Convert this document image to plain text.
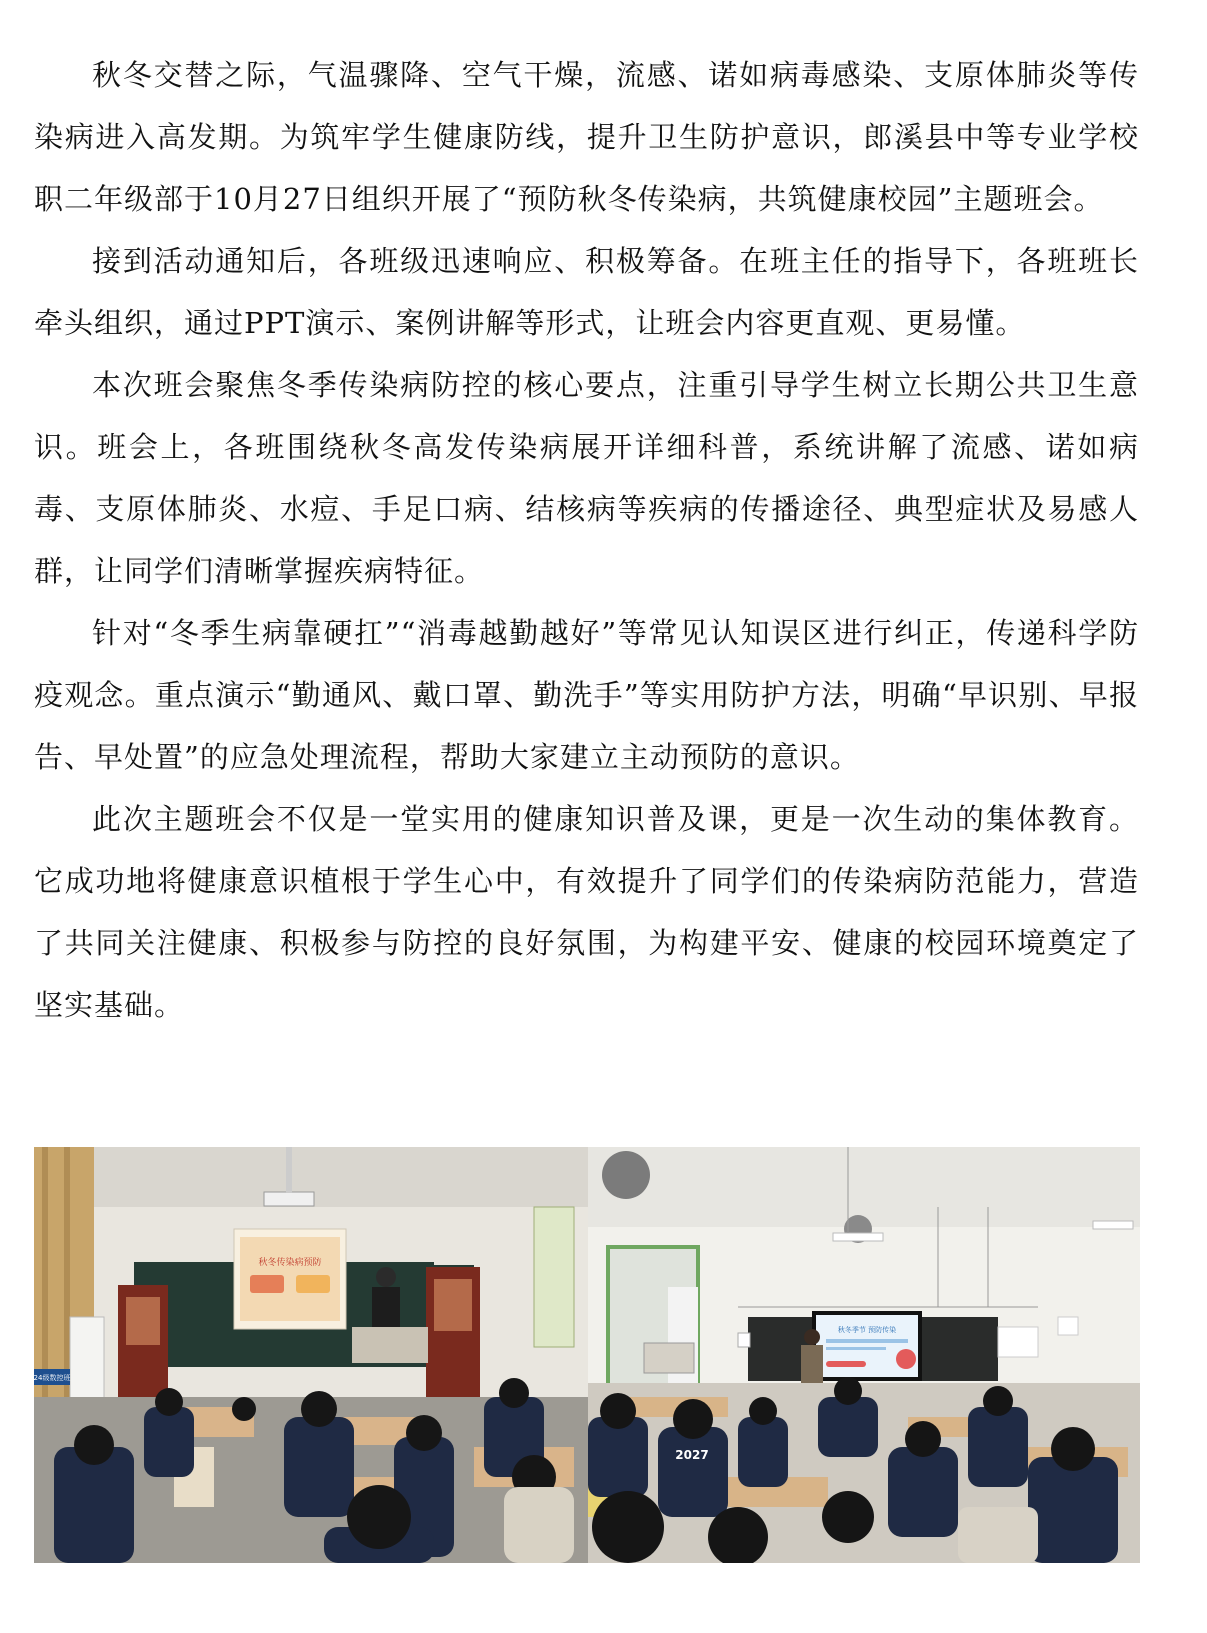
秋冬交替之际，气温骤降、空气干燥，流感、诺如病毒感染、支原体肺炎等传染病进入高发期。为筑牢学生健康防线，提升卫生防护意识，郎溪县中等专业学校职二年级部于10月27日组织开展了“预防秋冬传染病，共筑健康校园”主题班会。

接到活动通知后，各班级迅速响应、积极筹备。在班主任的指导下，各班班长牵头组织，通过PPT演示、案例讲解等形式，让班会内容更直观、更易懂。

本次班会聚焦冬季传染病防控的核心要点，注重引导学生树立长期公共卫生意识。班会上，各班围绕秋冬高发传染病展开详细科普，系统讲解了流感、诺如病毒、支原体肺炎、水痘、手足口病、结核病等疾病的传播途径、典型症状及易感人群，让同学们清晰掌握疾病特征。

针对“冬季生病靠硬扛”“消毒越勤越好”等常见认知误区进行纠正，传递科学防疫观念。重点演示“勤通风、戴口罩、勤洗手”等实用防护方法，明确“早识别、早报告、早处置”的应急处理流程，帮助大家建立主动预防的意识。

此次主题班会不仅是一堂实用的健康知识普及课，更是一次生动的集体教育。它成功地将健康意识植根于学生心中，有效提升了同学们的传染病防范能力，营造了共同关注健康、积极参与防控的良好氛围，为构建平安、健康的校园环境奠定了坚实基础。

秋冬传染病预防
24级数控班
秋冬季节 预防传染
2027
